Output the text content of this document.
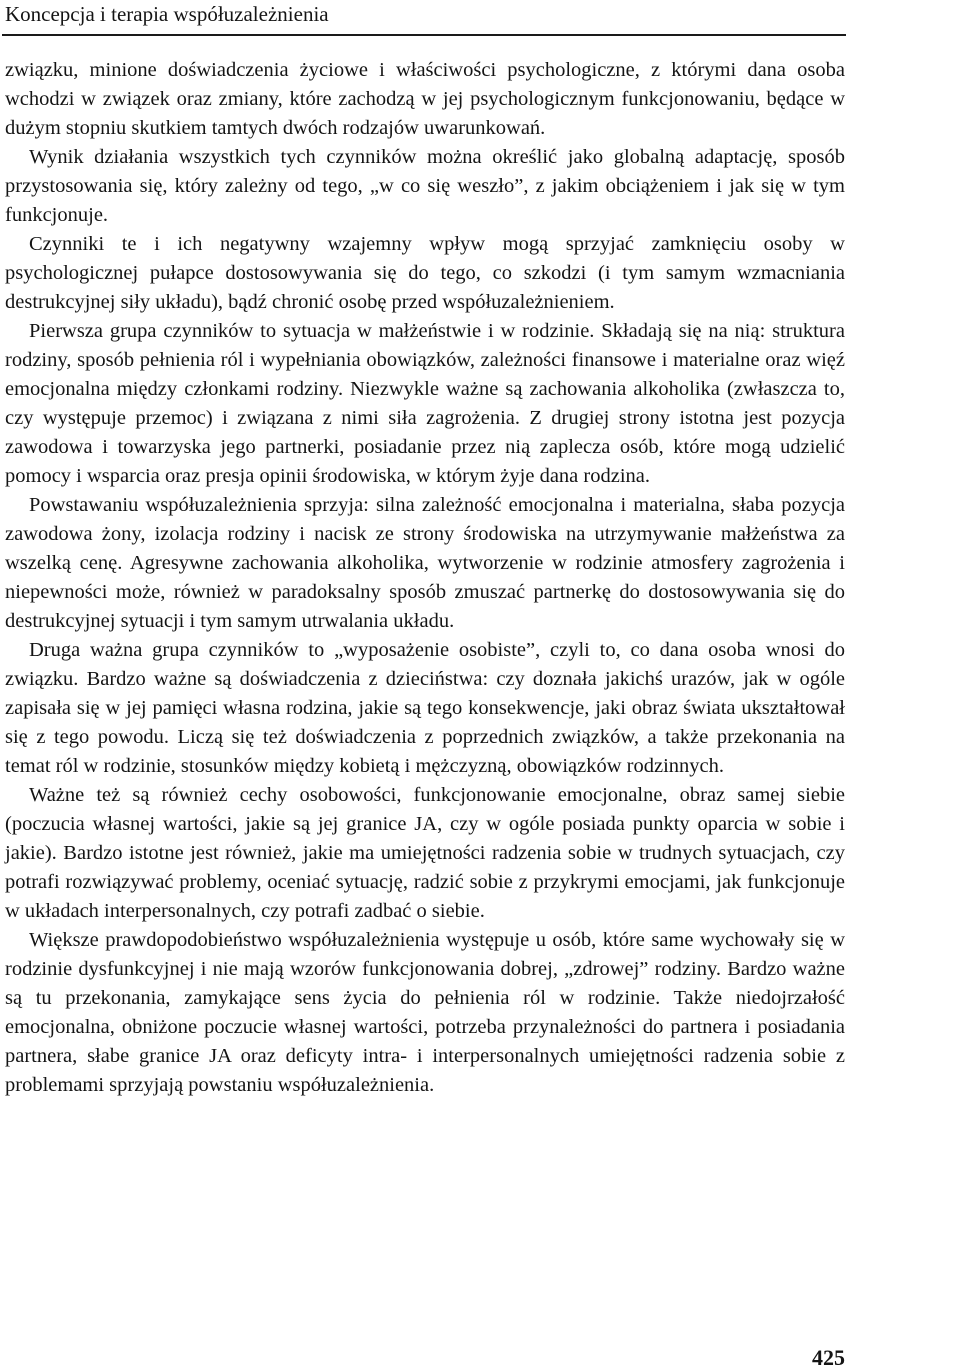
Koncepcja i terapia współuzależnienia

związku, minione doświadczenia życiowe i właściwości psychologiczne, z którymi dana osoba wchodzi w związek oraz zmiany, które zachodzą w jej psychologicznym funkcjonowaniu, będące w dużym stopniu skutkiem tamtych dwóch rodzajów uwarunkowań.

Wynik działania wszystkich tych czynników można określić jako globalną adaptację, sposób przystosowania się, który zależny od tego, „w co się weszło”, z jakim obciążeniem i jak się w tym funkcjonuje.

Czynniki te i ich negatywny wzajemny wpływ mogą sprzyjać zamknięciu osoby w psychologicznej pułapce dostosowywania się do tego, co szkodzi (i tym samym wzmacniania destrukcyjnej siły układu), bądź chronić osobę przed współuzależnieniem.

Pierwsza grupa czynników to sytuacja w małżeństwie i w rodzinie. Składają się na nią: struktura rodziny, sposób pełnienia ról i wypełniania obowiązków, zależności finansowe i materialne oraz więź emocjonalna między członkami rodziny. Niezwykle ważne są zachowania alkoholika (zwłaszcza to, czy występuje przemoc) i związana z nimi siła zagrożenia. Z drugiej strony istotna jest pozycja zawodowa i towarzyska jego partnerki, posiadanie przez nią zaplecza osób, które mogą udzielić pomocy i wsparcia oraz presja opinii środowiska, w którym żyje dana rodzina.

Powstawaniu współuzależnienia sprzyja: silna zależność emocjonalna i materialna, słaba pozycja zawodowa żony, izolacja rodziny i nacisk ze strony środowiska na utrzymywanie małżeństwa za wszelką cenę. Agresywne zachowania alkoholika, wytworzenie w rodzinie atmosfery zagrożenia i niepewności może, również w paradoksalny sposób zmuszać partnerkę do dostosowywania się do destrukcyjnej sytuacji i tym samym utrwalania układu.

Druga ważna grupa czynników to „wyposażenie osobiste”, czyli to, co dana osoba wnosi do związku. Bardzo ważne są doświadczenia z dzieciństwa: czy doznała jakichś urazów, jak w ogóle zapisała się w jej pamięci własna rodzina, jakie są tego konsekwencje, jaki obraz świata ukształtował się z tego powodu. Liczą się też doświadczenia z poprzednich związków, a także przekonania na temat ról w rodzinie, stosunków między kobietą i mężczyzną, obowiązków rodzinnych.

Ważne też są również cechy osobowości, funkcjonowanie emocjonalne, obraz samej siebie (poczucia własnej wartości, jakie są jej granice JA, czy w ogóle posiada punkty oparcia w sobie i jakie). Bardzo istotne jest również, jakie ma umiejętności radzenia sobie w trudnych sytuacjach, czy potrafi rozwiązywać problemy, oceniać sytuację, radzić sobie z przykrymi emocjami, jak funkcjonuje w układach interpersonalnych, czy potrafi zadbać o siebie.

Większe prawdopodobieństwo współuzależnienia występuje u osób, które same wychowały się w rodzinie dysfunkcyjnej i nie mają wzorów funkcjonowania dobrej, „zdrowej” rodziny. Bardzo ważne są tu przekonania, zamykające sens życia do pełnienia ról w rodzinie. Także niedojrzałość emocjonalna, obniżone poczucie własnej wartości, potrzeba przynależności do partnera i posiadania partnera, słabe granice JA oraz deficyty intra- i interpersonalnych umiejętności radzenia sobie z problemami sprzyjają powstaniu współuzależnienia.

425
